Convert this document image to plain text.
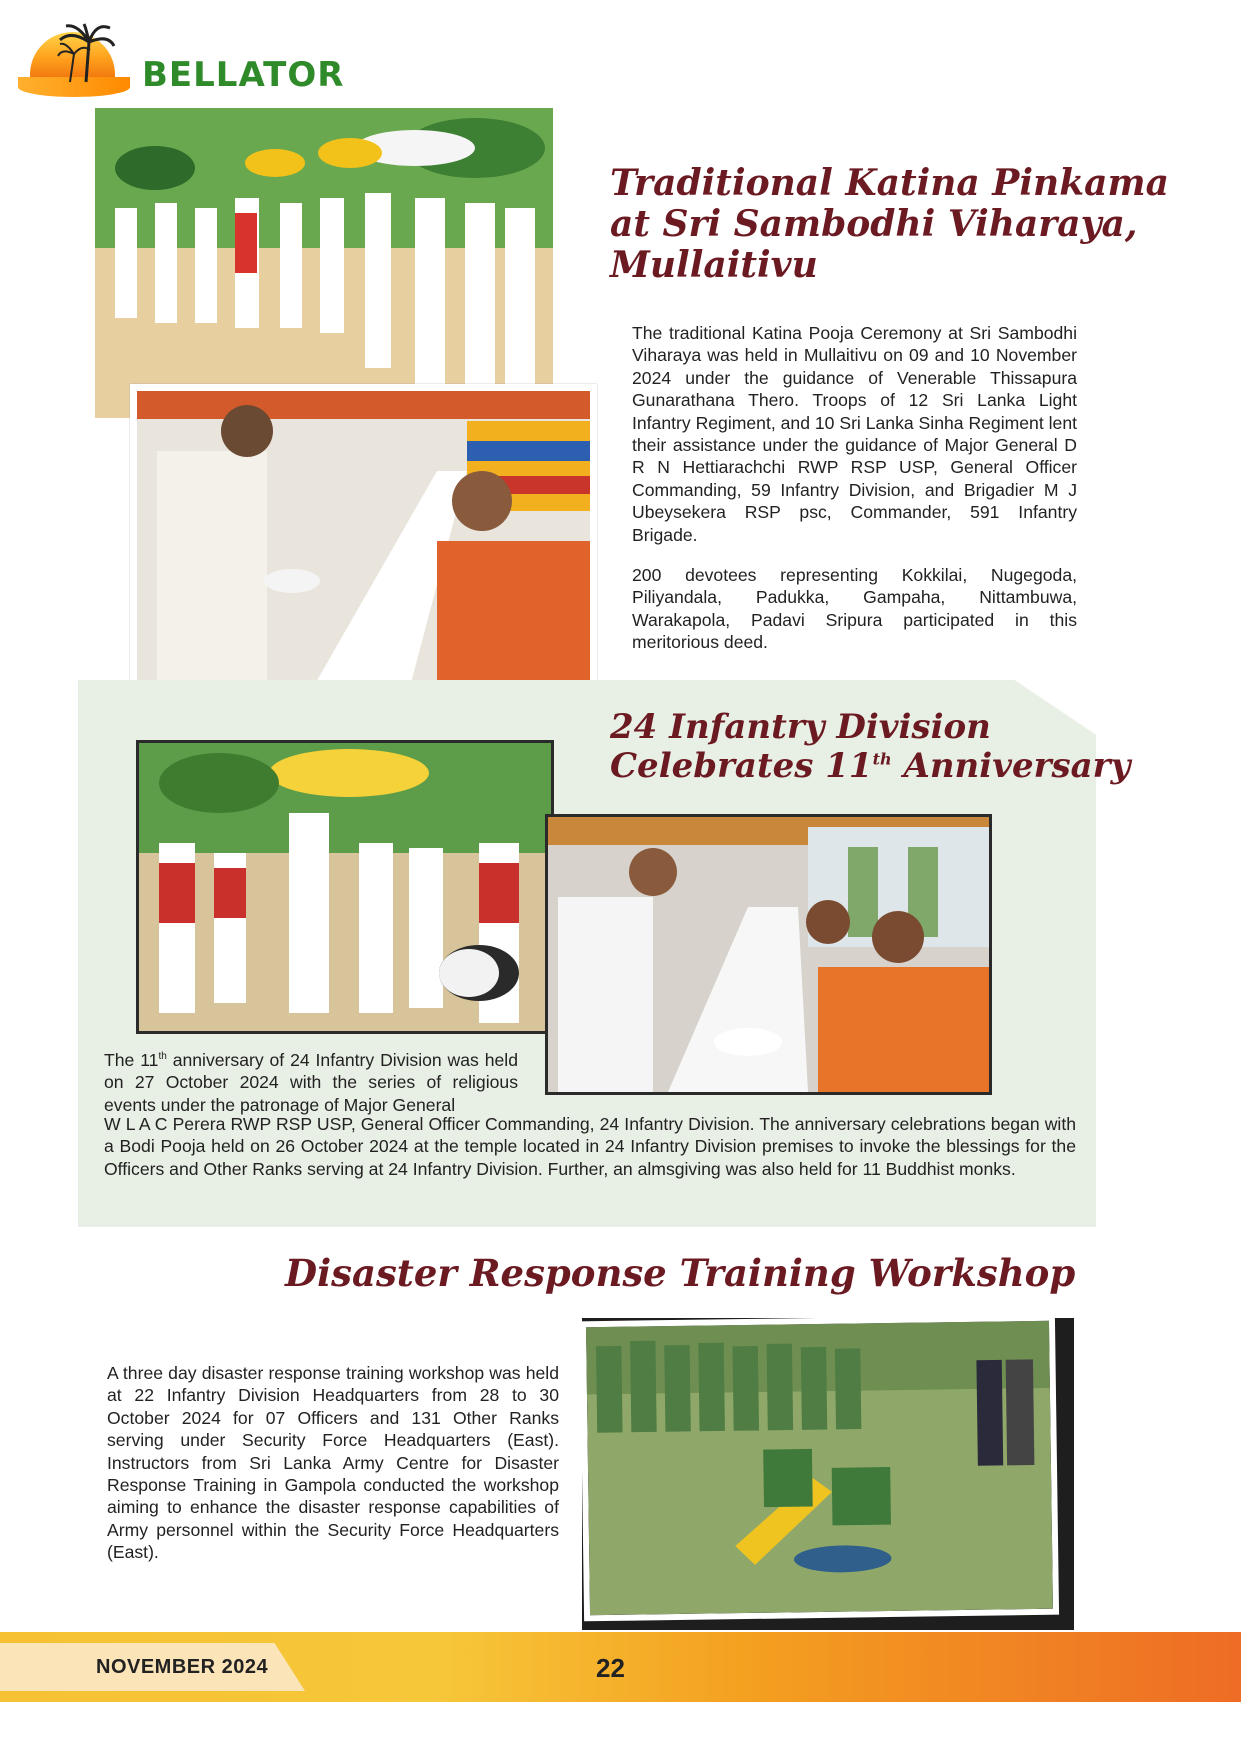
BELLATOR
Traditional Katina Pinkama
at Sri Sambodhi Viharaya,
Mullaitivu

The traditional Katina Pooja Ceremony at Sri Sambodhi Viharaya was held in Mullaitivu on 09 and 10 November 2024 under the guidance of Venerable Thissapura Gunarathana Thero. Troops of 12 Sri Lanka Light Infantry Regiment, and 10 Sri Lanka Sinha Regiment lent their assistance under the guidance of Major General D R N Hettiarachchi RWP RSP USP, General Officer Commanding, 59 Infantry Division, and Brigadier M J Ubeysekera RSP psc, Commander, 591 Infantry Brigade.

200 devotees representing Kokkilai, Nugegoda, Piliyandala, Padukka, Gampaha, Nittambuwa, Warakapola, Padavi Sripura participated in this meritorious deed.

24 Infantry Division
Celebrates 11th Anniversary
The 11th anniversary of 24 Infantry Division was held on 27 October 2024 with the series of religious events under the patronage of Major General
W L A C Perera RWP RSP USP, General Officer Commanding, 24 Infantry Division. The anniversary celebrations began with a Bodi Pooja held on 26 October 2024 at the temple located in 24 Infantry Division premises to invoke the blessings for the Officers and Other Ranks serving at 24 Infantry Division. Further, an almsgiving was also held for 11 Buddhist monks.
Disaster Response Training Workshop
A three day disaster response training workshop was held at 22 Infantry Division Headquarters from 28 to 30 October 2024 for 07 Officers and 131 Other Ranks serving under Security Force Headquarters (East). Instructors from Sri Lanka Army Centre for Disaster Response Training in Gampola conducted the workshop aiming to enhance the disaster response capabilities of Army personnel within the Security Force Headquarters (East).
NOVEMBER 2024	22
